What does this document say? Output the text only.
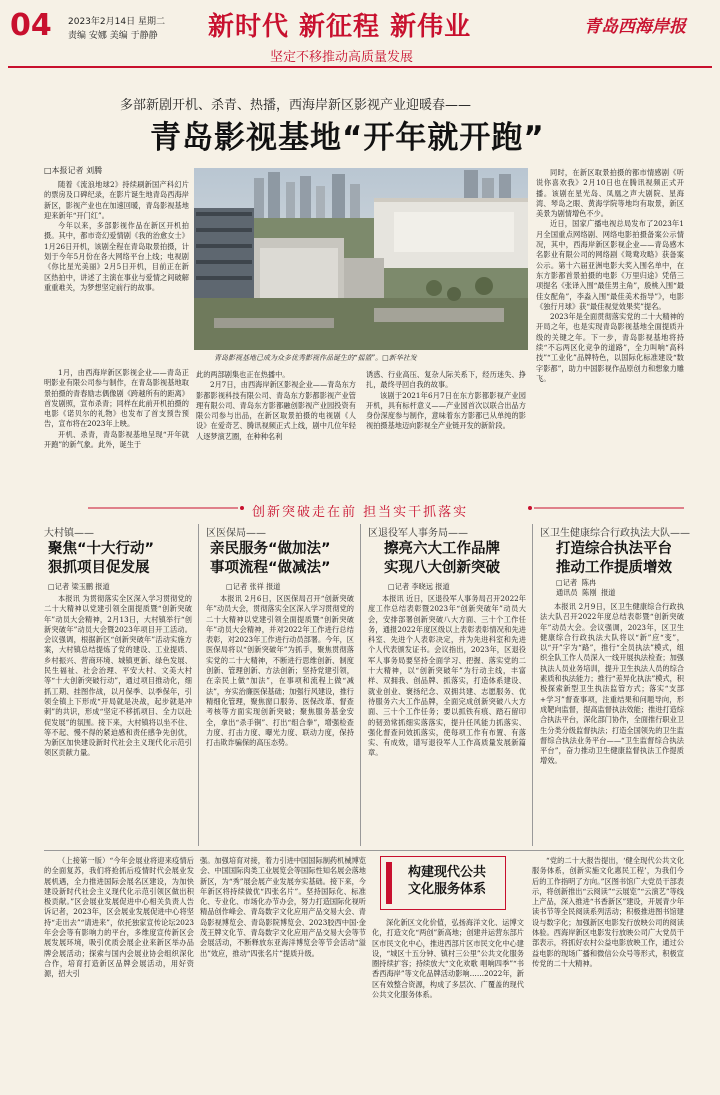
04 2023年2月14日 星期二
责编 安娜 美编 于静静 新时代 新征程 新伟业
坚定不移推动高质量发展
青岛西海岸报
多部新剧开机、杀青、热播，西海岸新区影视产业迎暖春——
青岛影视基地“开年就开跑”
□本报记者 刘腾

随着《流浪地球2》持续刷新国产科幻片的票房及口碑纪录，在影片诞生地青岛西海岸新区，影视产业也在加速回暖，青岛影视基地迎来新年“开门红”。

今年以来，多部影视作品在新区开机拍摄。其中，都市奇幻爱情剧《我的治愈女士》1月26日开机，该剧全程在青岛取景拍摄，计划于今年5月份在各大网络平台上线；电视剧《你比星光美丽》2月5日开机，目前正在新区热拍中，讲述了主演在事业与爱情之间破解重重难关，为梦想坚定前行的故事。

青岛影视基地已成为众多优秀影视作品诞生的“摇篮”。□新华社发

1月，由西海岸新区影视企业——青岛正明影业有限公司参与制作，在青岛影视基地取景拍摄的青春励志偶像剧《跨越所有的距离》首发剧照，宣布杀青；同样在此前开机拍摄的电影《诺贝尔的礼物》也发布了首支预告预告，宣布将在2023年上映。

开机、杀青，青岛影视基地呈现“开年就开跑”的新气象。此外，诞生于

此的两部剧集也正在热播中。

2月7日，由西海岸新区影视企业——青岛东方影都影视科技有限公司、青岛东方影都影视产业管理有限公司、青岛东方影都融创影视产业园投资有限公司参与出品，在新区取景拍摄的电视剧《人设》在爱奇艺、腾讯视频正式上线，剧中几位年轻人逐梦演艺圈，在种种名利

诱惑、行业高压、复杂人际关系下，经历迷失、挣扎，最终寻回自我的故事。

该剧于2021年6月7日在东方影都影视产业园开机，具有标杆意义——产业园首次以联合出品方身份深度参与制作，意味着东方影都已从单纯的影视拍摄基地迈向影视全产业链开发的新阶段。

同时，在新区取景拍摄的都市情感剧《听说你喜欢我》2月10日也在腾讯视频正式开播。该剧在星光岛、凤凰之声大剧院、星海湾、琴岛之眼、黄海学院等地均有取景，新区美景为剧情增色不少。

近日，国家广播电视总局发布了2023年1月全国重点网络剧、网络电影拍摄备案公示情况，其中，西海岸新区影视企业——青岛感木名影业有限公司的网络剧《鸳鸯攻略》获备案公示。第十六届亚洲电影大奖入围名单中，在东方影都首景拍摄的电影《万里归途》凭借三项提名《张译入围“最佳男主角”，殷桃入围“最佳女配角”，李淼入围“最佳美术指导”》，电影《独行月球》获“最佳视觉效果奖”提名。

2023年是全面贯彻落实党的二十大精神的开局之年，也是实现青岛影视基地全面提质升级的关键之年。下一步，青岛影视基地将持续“不忘两区化竞争的道路”，全力叫响“高科技”“工业化”品牌特色，以国际化标准建设“数字影都”，助力中国影视作品原创力和想象力雕飞。

创新突破走在前 担当实干抓落实
大村镇——
聚焦“十大行动”
狠抓项目促发展
□记者 梁玉鹏 报道
本报讯 为贯彻落实全区深入学习贯彻党的二十大精神以党建引领全面提质暨“创新突破年”动员大会精神，2月13日，大村镇举行“创新突破年”动员大会暨2023年项目开工活动。会议强调，根据新区“创新突破年”活动实施方案，大村镇总结提炼了党的建设、工业提质、乡村振兴、营商环境、城镇更新、绿色发展、民生福祉、社会治理、平安大村、文美大村等“十大创新突破行动”，通过项目推动化，细抓工期、挂图作战，以月保季、以季保年，引领全镇上下形成“开局就是决战，起步就是冲刺”的共识，形成“坚定不移抓项目、全力以赴促发展”的氛围。接下来，大村镇将以坐不住、等不起、慢不得的紧迫感和责任感争先创优，为新区加快建设新时代社会主义现代化示范引领区贡献力量。
区医保局——
亲民服务“做加法”
事项流程“做减法”
□记者 张祥 报道
本报讯 2月6日，区医保局召开“创新突破年”动员大会，贯彻落实全区深入学习贯彻党的二十大精神以党建引领全面提质暨“创新突破年”动员大会精神，并对2022年工作进行总结表彰，对2023年工作进行动员部署。今年，区医保局将以“创新突破年”为抓手，聚焦贯彻落实党的二十大精神，不断进行思维创新、制度创新、管理创新、方法创新；坚持党建引领，在亲民上做“加法”，在事项和流程上做“减法”，夯实治廉医保基础；加强行风建设，推行精细化管理，聚焦窗口服务、医保改革、督查考核等方面实现创新突破；聚焦服务基金安全，拿出“杀手锏”、打出“组合拳”，增强检查力度、打击力度、曝光力度、联动力度，保持打击欺诈骗保的高压态势。
区退役军人事务局——
擦亮六大工作品牌
实现八大创新突破
□记者 李晓远 报道
本报讯 近日，区退役军人事务局召开2022年度工作总结表彰暨2023年“创新突破年”动员大会，安排部署创新突破八大方面、三十个工作任务，通报2022年度区级以上表彰表彰情况和先进科室、先进个人表彰决定，并为先进科室和先进个人代表颁发证书。会议指出，2023年，区退役军人事务局要坚持全面学习、把握、落实党的二十大精神，以“创新突破年”为行动主线，丰富样、双拥我、创品牌、抓落实，打造体系建设、就业创业、褒扬纪念、双拥共建、志愿服务、优待服务六大工作品牌，全面完成创新突破八大方面、三十个工作任务；要以抓铁有痕、踏石留印的韧劲常抓细实落落实，提升任风能力抓落实、强化督查问效抓落实，使每项工作有布置、有落实、有成效，谱写退役军人工作高质量发展新篇章。
区卫生健康综合行政执法大队——
打造综合执法平台
推动工作提质增效
□记者  陈冉
通讯员  陈刚  报道
本报讯 2月9日，区卫生健康综合行政执法大队召开2022年度总结表彰暨“创新突破年”动员大会。会议强调，2023年，区卫生健康综合行政执法大队将以“新”应“变”，以“开”字为“路”，推行“全员执法”模式，组织全队工作人员深入一线开展执法检查；加强执法人员业务培训，提升卫生执法人员的综合素质和执法能力；推行“差异化执法”模式，积极探索新型卫生执法监管方式；落实“支部+学习”督查事项，注重结果和问题导向，形成靶向监督，提高监督执法效能；推进打造综合执法平台，深化部门协作，全面推行职业卫生分类分级监督执法；打造全国领先的卫生监督综合执法业务平台——“卫生监督综合执法平台”，奋力推动卫生健康监督执法工作提质增效。
（上接第一版）“今年会展业将迎来疫情后的全面复苏，我们将抢抓后疫情时代会展业发展机遇，全力推进国际会展名区建设，为加快建设新时代社会主义现代化示范引领区做出积极贡献。”区会展业发展促进中心相关负责人告诉记者，2023年，区会展业发展促进中心将坚持“走出去”“请进来”，依托独家宣传论坛2023年会会等有影响力的平台，多维度宣传新区会展发展环境，吸引优质会展企业来新区举办品牌会展活动；探索与国内会展业协会组织深化合作，培育打造新区品牌会展活动，用好资源，招大引
强。加强培育对接，着力引进中国国际制药机械博览会、中国国际肉类工业展览会等国际性知名展会落地新区，为“秀”展会展产业发展夯实基础。接下来，今年新区将持续做优“四张名片”。坚持国际化、标准化、专业化、市场化办节办会，努力打造国际化视听精品创作峰会、青岛数字文化应用产品交易大会、青岛影视博览会、青岛影院博览会、2023胶西中国·金茂王牌文化节、青岛数字文化应用产品交易大会等节会展活动，不断释放东亚海洋博览会等节会活动“溢出”效应，推动“四张名片”提质升级。
构建现代公共
文化服务体系
深化新区文化价值，弘扬海洋文化、运博文化，打造文化“两创”新高地；创建并运营东部片区市民文化中心，推进西部片区市民文化中心建设，“城区十五分钟、镇村三公里”公共文化服务圈持续扩容；持续放大“文化欢歌 唱响四季”“书香西海岸”等文化品牌活动影响……2022年，新区有效整合资源，构成了多层次、广覆盖的现代公共文化服务体系。
“党的二十大报告提出，‘健全现代公共文化服务体系，创新实施文化惠民工程’，为我们今后的工作指明了方向。”区图书馆广大党员干部表示，将创新推出“云阅读”“云展览”“云演艺”等线上产品，深入推进“书香新区”建设，开展青少年读书节等全民阅读系列活动；积极推进图书馆建设与数字化；加强新区电影发行放映公司的阅读体验。西海岸新区电影发行放映公司广大党员干部表示，将抓好农村公益电影放映工作，通过公益电影的现场广播和微信公众号等形式，积极宣传党的二十大精神。
